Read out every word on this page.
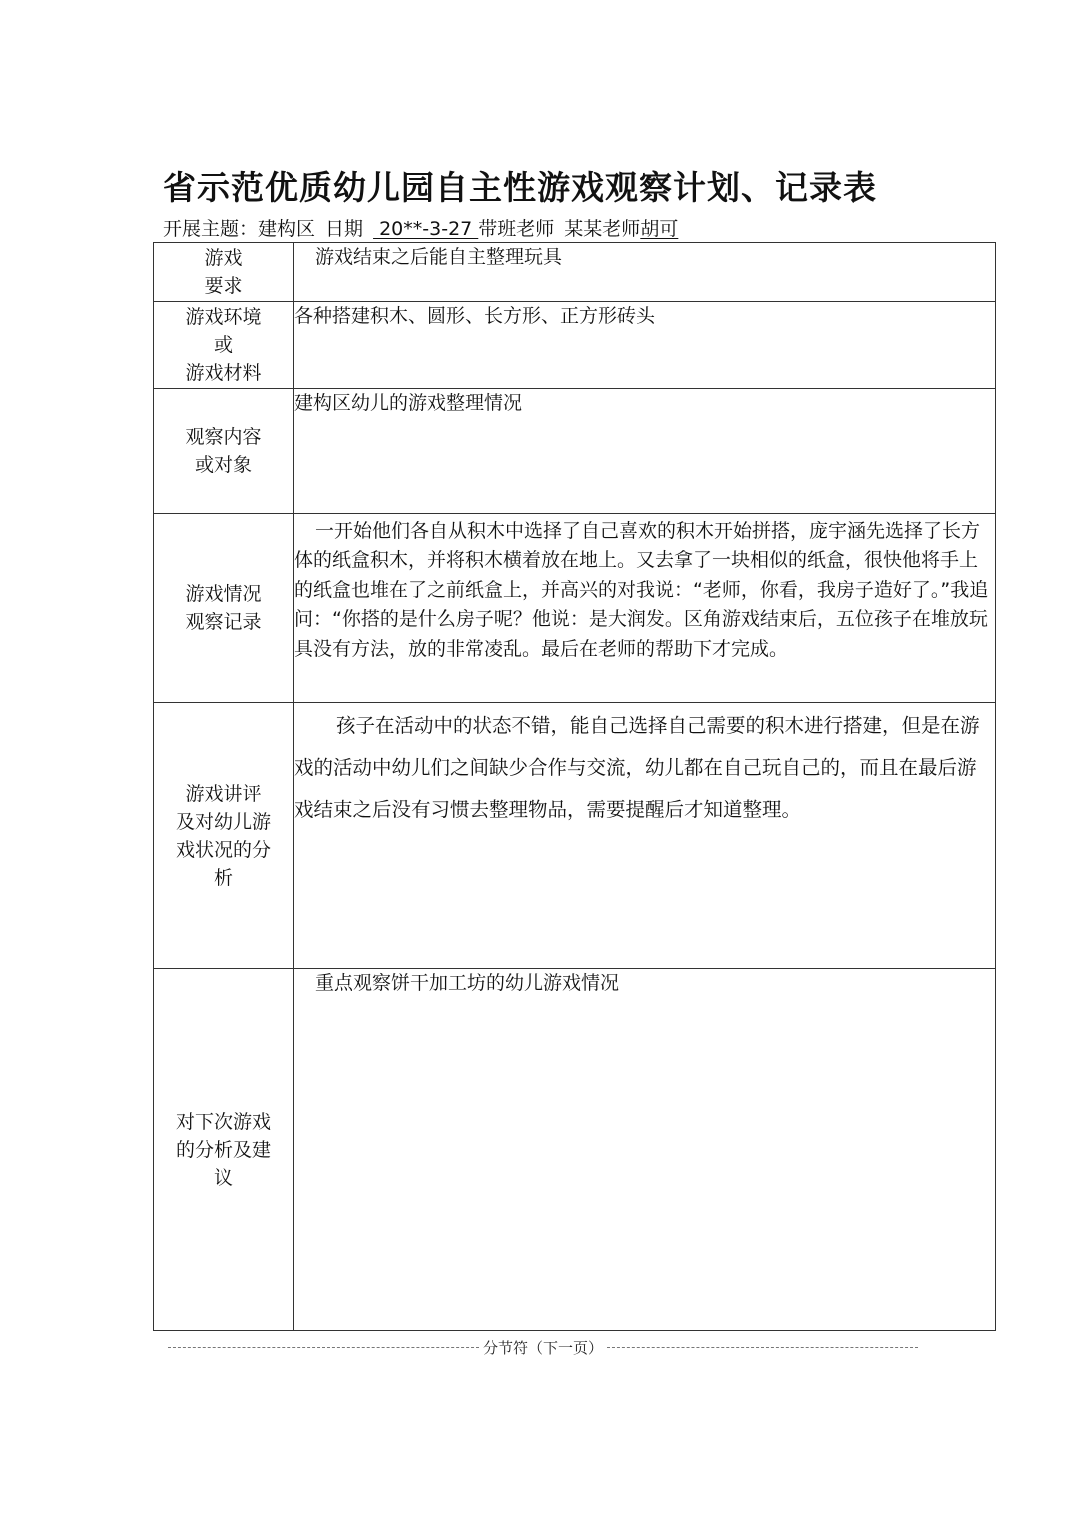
省示范优质幼儿园自主性游戏观察计划、记录表
开展主题：建构区 日期 20**-3-27 带班老师 某某老师胡可
游戏
要求	游戏结束之后能自主整理玩具

游戏环境
或
游戏材料	各种搭建积木、圆形、长方形、正方形砖头

观察内容
或对象	建构区幼儿的游戏整理情况

游戏情况
观察记录	一开始他们各自从积木中选择了自己喜欢的积木开始拼搭，庞宇涵先选择了长方体的纸盒积木，并将积木横着放在地上。又去拿了一块相似的纸盒，很快他将手上的纸盒也堆在了之前纸盒上，并高兴的对我说：“老师，你看，我房子造好了。”我追问：“你搭的是什么房子呢？他说：是大润发。区角游戏结束后，五位孩子在堆放玩具没有方法，放的非常凌乱。最后在老师的帮助下才完成。

游戏讲评
及对幼儿游
戏状况的分
析	孩子在活动中的状态不错，能自己选择自己需要的积木进行搭建，但是在游戏的活动中幼儿们之间缺少合作与交流，幼儿都在自己玩自己的，而且在最后游戏结束之后没有习惯去整理物品，需要提醒后才知道整理。

对下次游戏
的分析及建
议	重点观察饼干加工坊的幼儿游戏情况
分节符（下一页）
